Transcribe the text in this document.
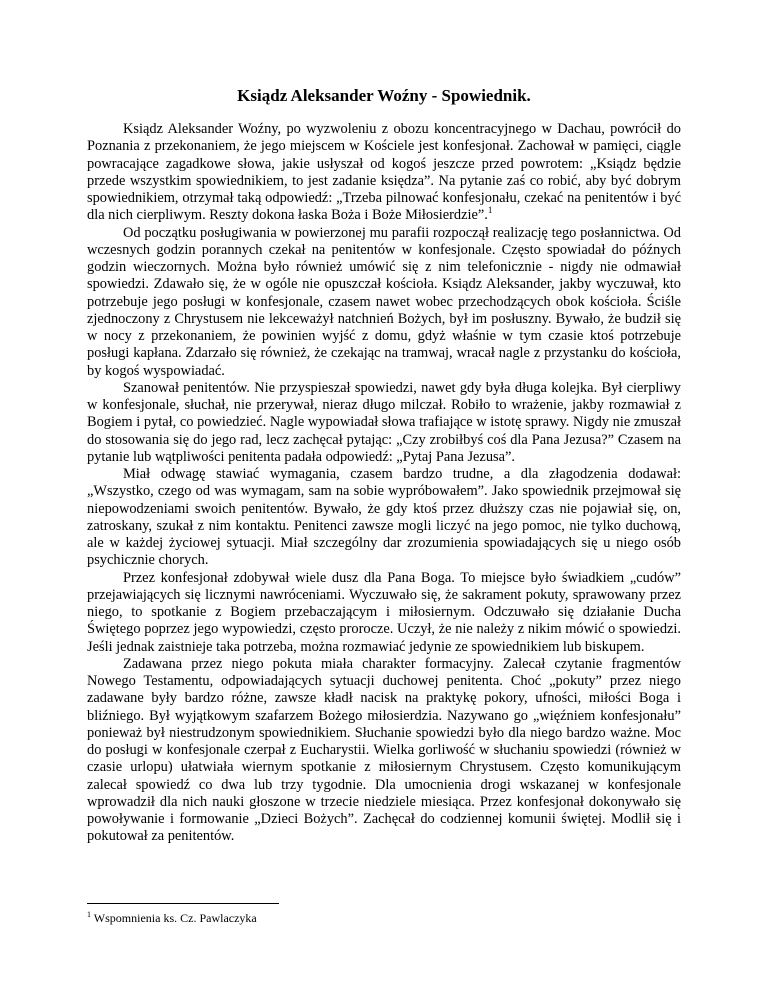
Ksiądz Aleksander Woźny - Spowiednik.

Ksiądz Aleksander Woźny, po wyzwoleniu z obozu koncentracyjnego w Dachau, powrócił do Poznania z przekonaniem, że jego miejscem w Kościele jest konfesjonał. Zachował w pamięci, ciągle powracające zagadkowe słowa, jakie usłyszał od kogoś jeszcze przed powrotem: „Ksiądz będzie przede wszystkim spowiednikiem, to jest zadanie księdza”. Na pytanie zaś co robić, aby być dobrym spowiednikiem, otrzymał taką odpowiedź: „Trzeba pilnować konfesjonału, czekać na penitentów i być dla nich cierpliwym. Reszty dokona łaska Boża i Boże Miłosierdzie”.$^1$

Od początku posługiwania w powierzonej mu parafii rozpoczął realizację tego posłannictwa. Od wczesnych godzin porannych czekał na penitentów w konfesjonale. Często spowiadał do późnych godzin wieczornych. Można było również umówić się z nim telefonicznie - nigdy nie odmawiał spowiedzi. Zdawało się, że w ogóle nie opuszczał kościoła. Ksiądz Aleksander, jakby wyczuwał, kto potrzebuje jego posługi w konfesjonale, czasem nawet wobec przechodzących obok kościoła. Ściśle zjednoczony z Chrystusem nie lekceważył natchnień Bożych, był im posłuszny. Bywało, że budził się w nocy z przekonaniem, że powinien wyjść z domu, gdyż właśnie w tym czasie ktoś potrzebuje posługi kapłana. Zdarzało się również, że czekając na tramwaj, wracał nagle z przystanku do kościoła, by kogoś wyspowiadać.

Szanował penitentów. Nie przyspieszał spowiedzi, nawet gdy była długa kolejka. Był cierpliwy w konfesjonale, słuchał, nie przerywał, nieraz długo milczał. Robiło to wrażenie, jakby rozmawiał z Bogiem i pytał, co powiedzieć. Nagle wypowiadał słowa trafiające w istotę sprawy. Nigdy nie zmuszał do stosowania się do jego rad, lecz zachęcał pytając: „Czy zrobiłbyś coś dla Pana Jezusa?” Czasem na pytanie lub wątpliwości penitenta padała odpowiedź: „Pytaj Pana Jezusa”.

Miał odwagę stawiać wymagania, czasem bardzo trudne, a dla złagodzenia dodawał: „Wszystko, czego od was wymagam, sam na sobie wypróbowałem”. Jako spowiednik przejmował się niepowodzeniami swoich penitentów. Bywało, że gdy ktoś przez dłuższy czas nie pojawiał się, on, zatroskany, szukał z nim kontaktu. Penitenci zawsze mogli liczyć na jego pomoc, nie tylko duchową, ale w każdej życiowej sytuacji. Miał szczególny dar zrozumienia spowiadających się u niego osób psychicznie chorych.

Przez konfesjonał zdobywał wiele dusz dla Pana Boga. To miejsce było świadkiem „cudów” przejawiających się licznymi nawróceniami. Wyczuwało się, że sakrament pokuty, sprawowany przez niego, to spotkanie z Bogiem przebaczającym i miłosiernym. Odczuwało się działanie Ducha Świętego poprzez jego wypowiedzi, często prorocze. Uczył, że nie należy z nikim mówić o spowiedzi. Jeśli jednak zaistnieje taka potrzeba, można rozmawiać jedynie ze spowiednikiem lub biskupem.

Zadawana przez niego pokuta miała charakter formacyjny. Zalecał czytanie fragmentów Nowego Testamentu, odpowiadających sytuacji duchowej penitenta. Choć „pokuty” przez niego zadawane były bardzo różne, zawsze kładł nacisk na praktykę pokory, ufności, miłości Boga i bliźniego. Był wyjątkowym szafarzem Bożego miłosierdzia. Nazywano go „więźniem konfesjonału” ponieważ był niestrudzonym spowiednikiem. Słuchanie spowiedzi było dla niego bardzo ważne. Moc do posługi w konfesjonale czerpał z Eucharystii. Wielka gorliwość w słuchaniu spowiedzi (również w czasie urlopu) ułatwiała wiernym spotkanie z miłosiernym Chrystusem. Często komunikującym zalecał spowiedź co dwa lub trzy tygodnie. Dla umocnienia drogi wskazanej w konfesjonale wprowadził dla nich nauki głoszone w trzecie niedziele miesiąca. Przez konfesjonał dokonywało się powoływanie i formowanie „Dzieci Bożych”. Zachęcał do codziennej komunii świętej. Modlił się i pokutował za penitentów.

$^1$ Wspomnienia ks. Cz. Pawlaczyka
